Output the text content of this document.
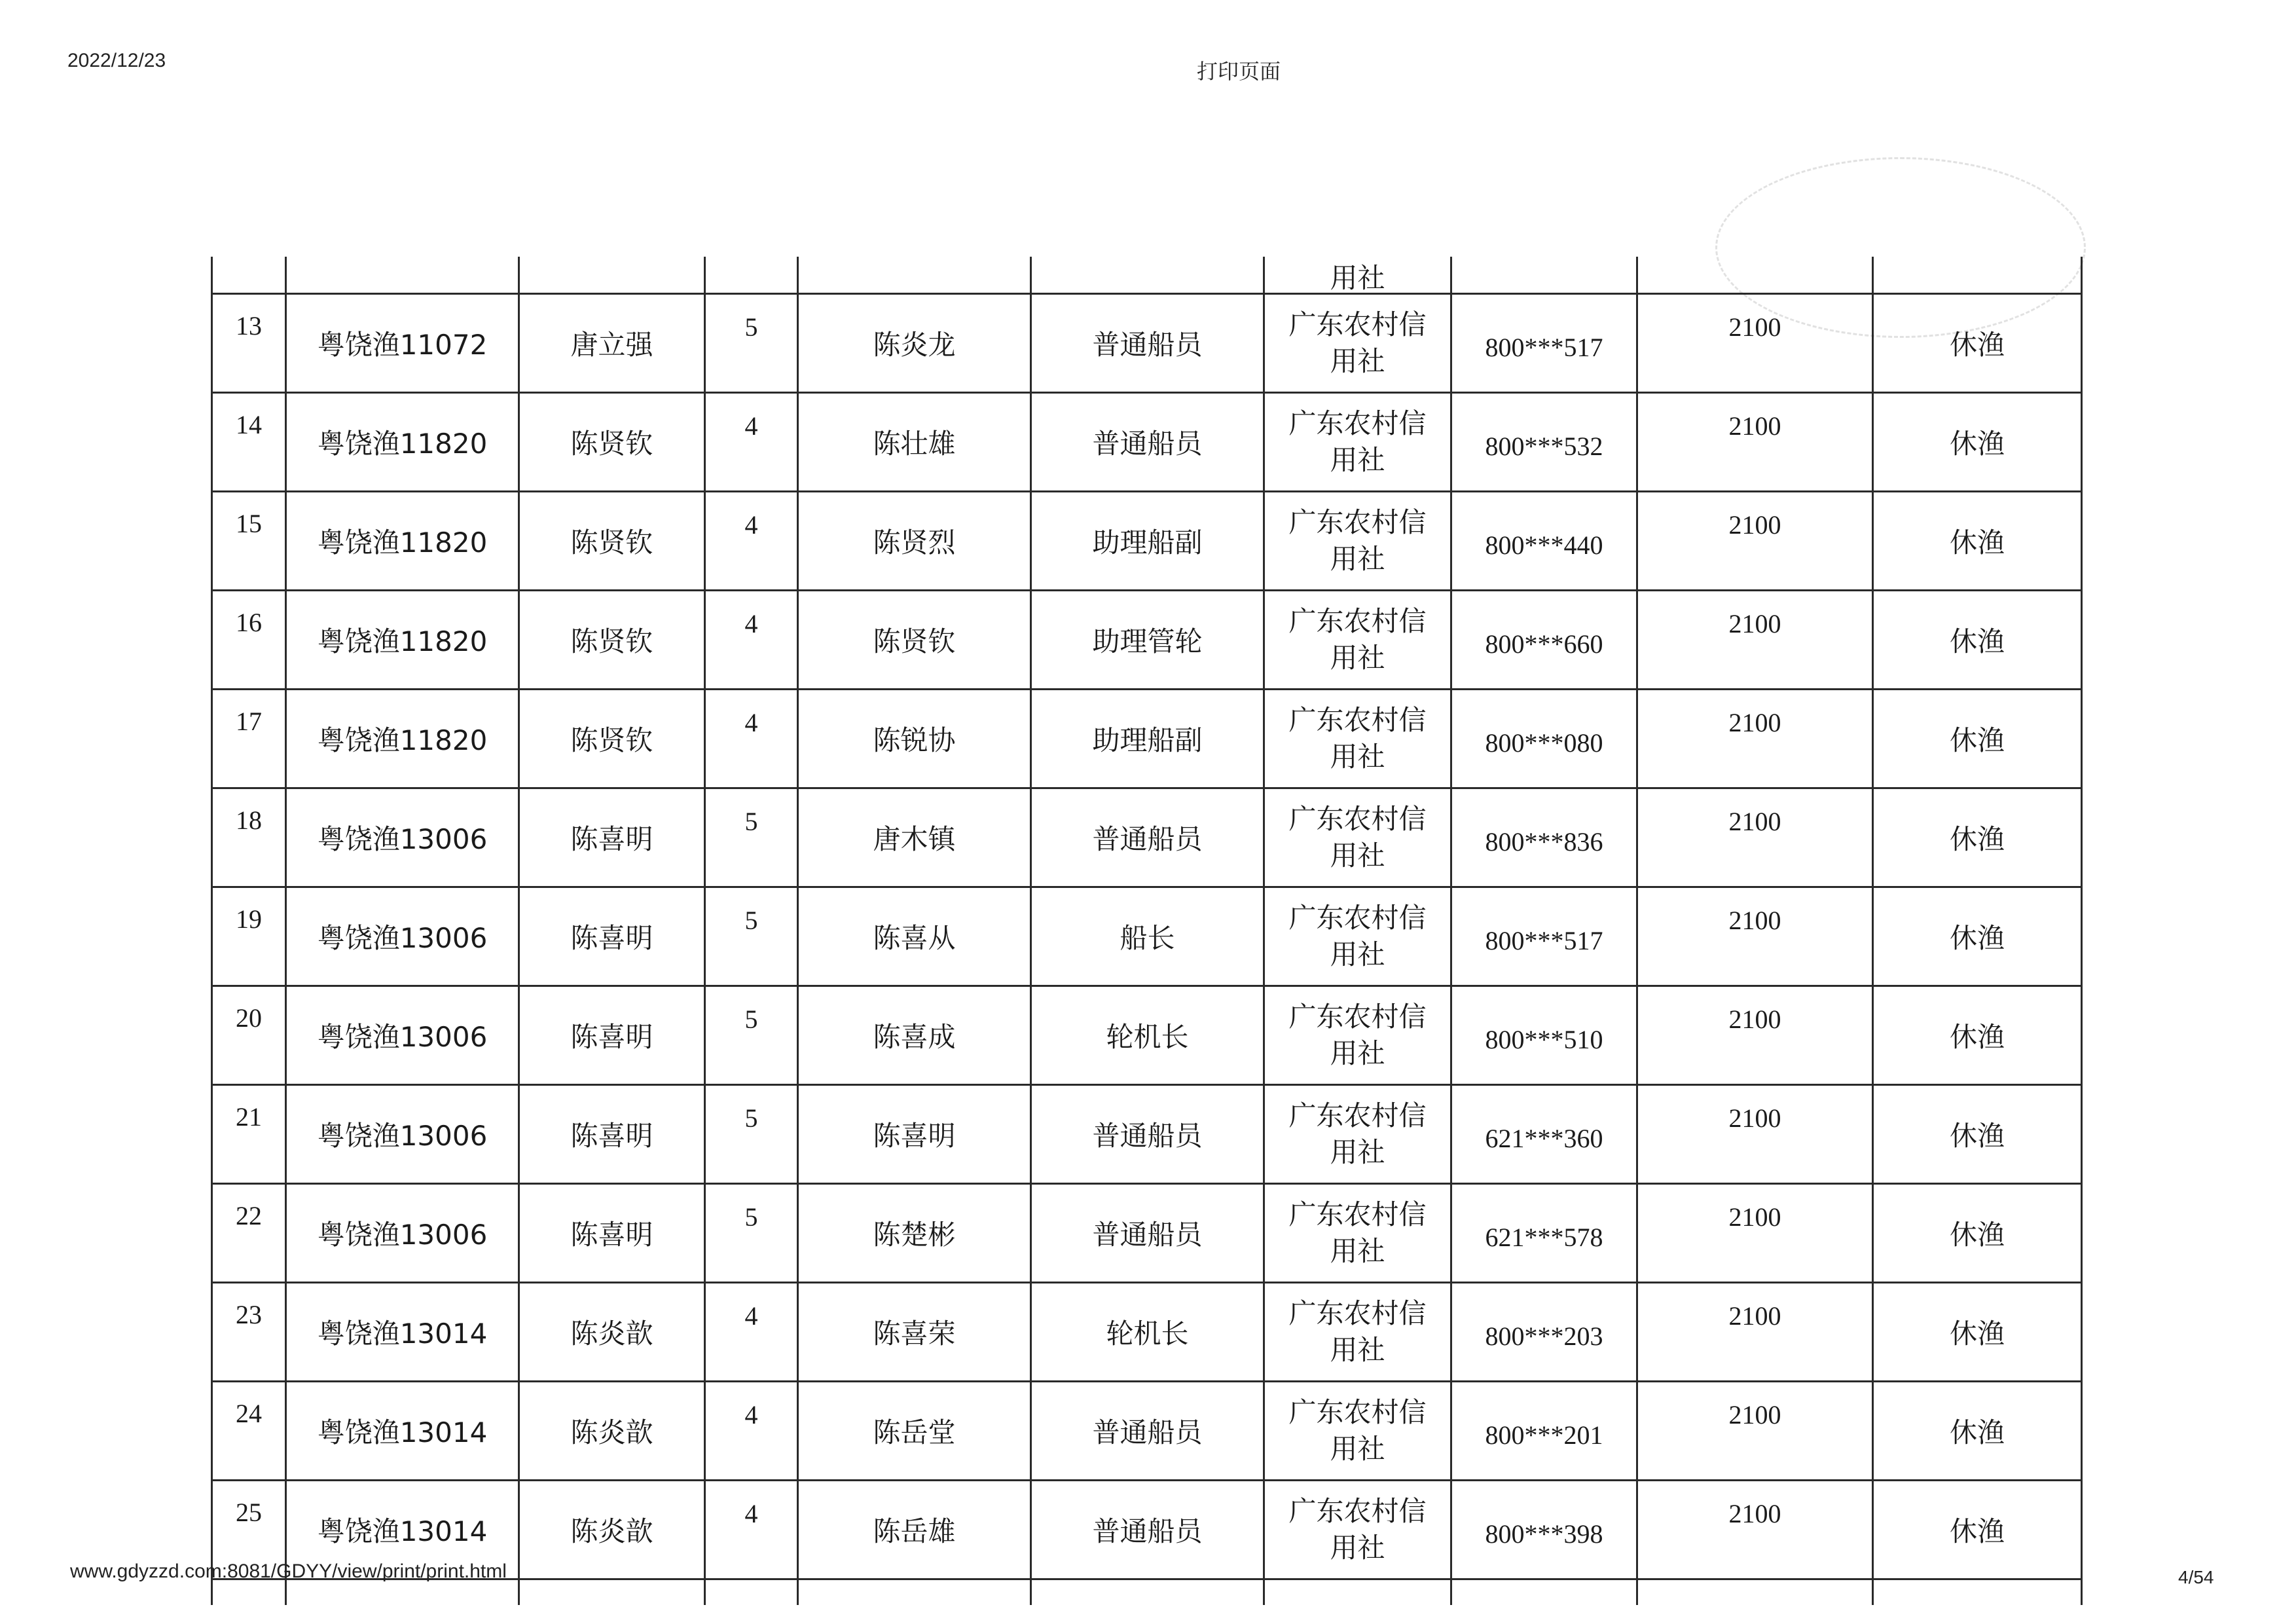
2022/12/23	打印页面
						用社			
13	粤饶渔11072	唐立强	5	陈炎龙	普通船员	广东农村信
用社	800***517	2100	休渔
14	粤饶渔11820	陈贤钦	4	陈壮雄	普通船员	广东农村信
用社	800***532	2100	休渔
15	粤饶渔11820	陈贤钦	4	陈贤烈	助理船副	广东农村信
用社	800***440	2100	休渔
16	粤饶渔11820	陈贤钦	4	陈贤钦	助理管轮	广东农村信
用社	800***660	2100	休渔
17	粤饶渔11820	陈贤钦	4	陈锐协	助理船副	广东农村信
用社	800***080	2100	休渔
18	粤饶渔13006	陈喜明	5	唐木镇	普通船员	广东农村信
用社	800***836	2100	休渔
19	粤饶渔13006	陈喜明	5	陈喜从	船长	广东农村信
用社	800***517	2100	休渔
20	粤饶渔13006	陈喜明	5	陈喜成	轮机长	广东农村信
用社	800***510	2100	休渔
21	粤饶渔13006	陈喜明	5	陈喜明	普通船员	广东农村信
用社	621***360	2100	休渔
22	粤饶渔13006	陈喜明	5	陈楚彬	普通船员	广东农村信
用社	621***578	2100	休渔
23	粤饶渔13014	陈炎歆	4	陈喜荣	轮机长	广东农村信
用社	800***203	2100	休渔
24	粤饶渔13014	陈炎歆	4	陈岳堂	普通船员	广东农村信
用社	800***201	2100	休渔
25	粤饶渔13014	陈炎歆	4	陈岳雄	普通船员	广东农村信
用社	800***398	2100	休渔

www.gdyzzd.com:8081/GDYY/view/print/print.html	4/54
